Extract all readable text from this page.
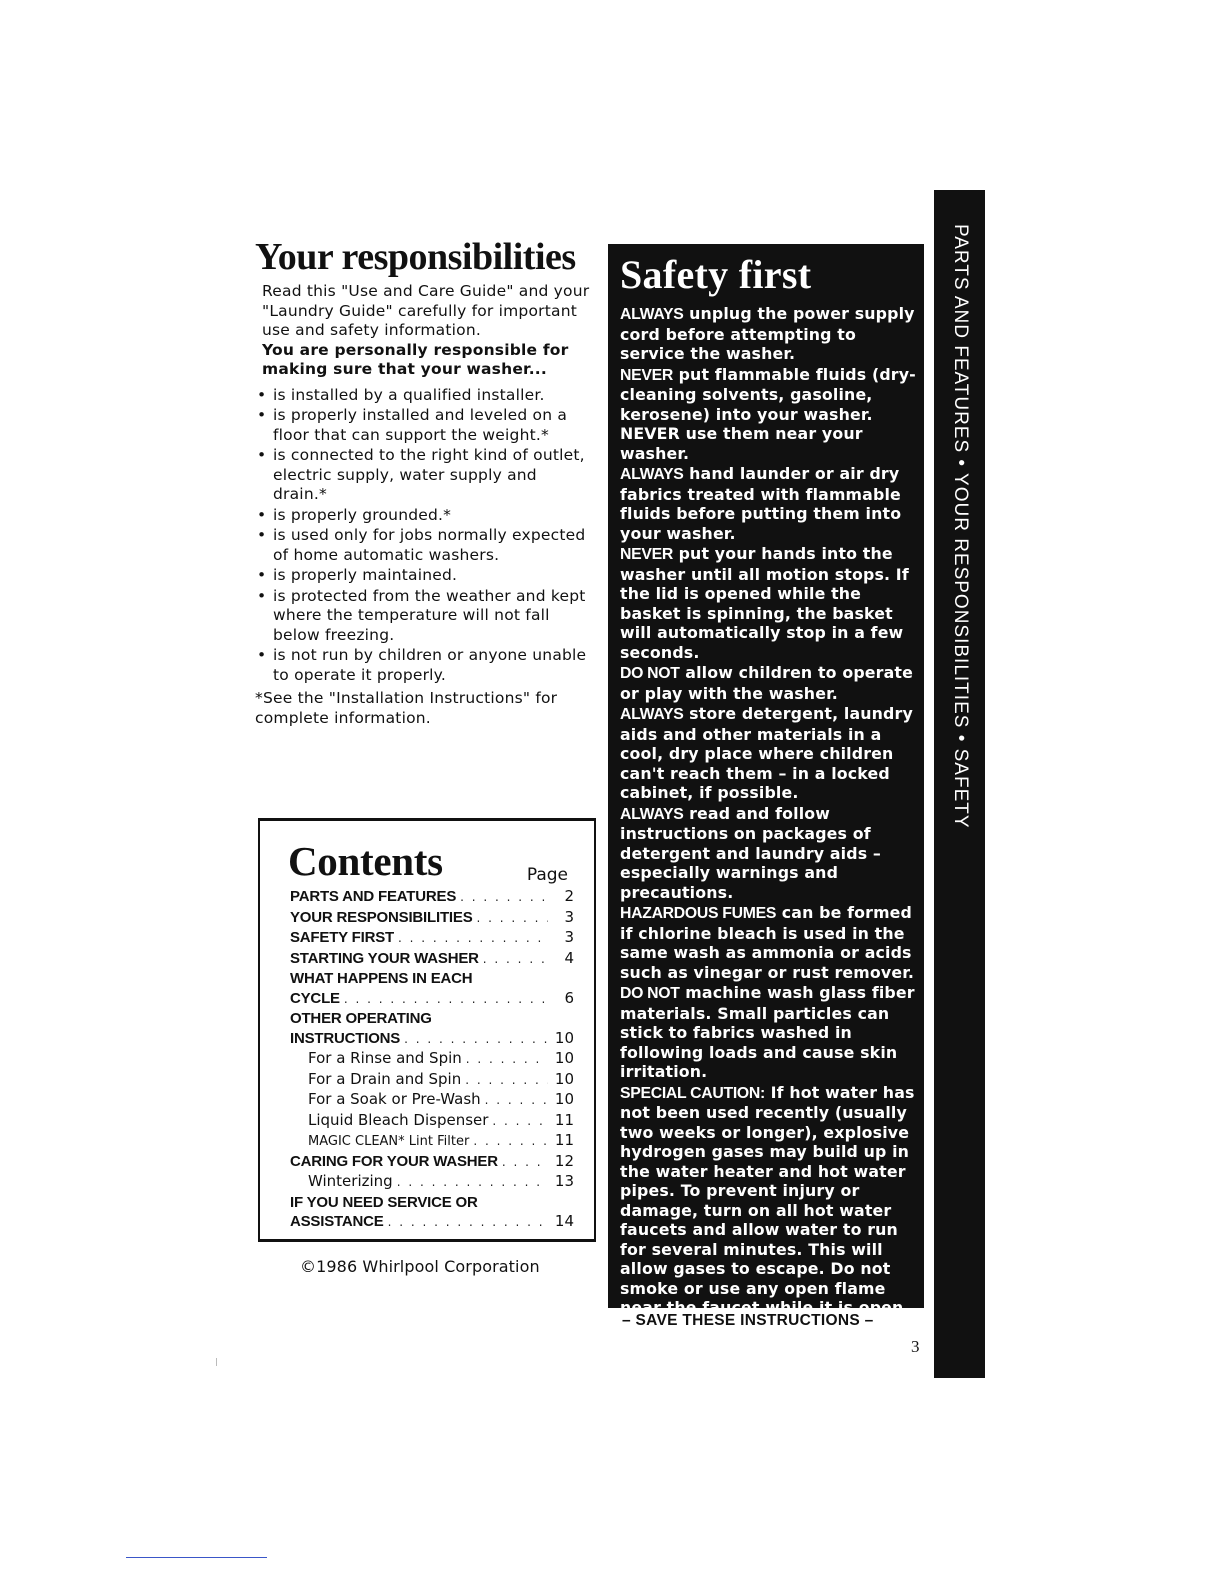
Your responsibilities

Read this "Use and Care Guide" and your "Laundry Guide" carefully for important use and safety information.

You are personally responsible for making sure that your washer...

• is installed by a qualified installer.
• is properly installed and leveled on a floor that can support the weight.*
• is connected to the right kind of outlet, electric supply, water supply and drain.*
• is properly grounded.*
• is used only for jobs normally expected of home automatic washers.
• is properly maintained.
• is protected from the weather and kept where the temperature will not fall below freezing.
• is not run by children or anyone unable to operate it properly.

*See the "Installation Instructions" for complete information.

Contents	Page
PARTS AND FEATURES . . .	2
YOUR RESPONSIBILITIES . . .	3
SAFETY FIRST . . .	3
STARTING YOUR WASHER . . .	4
WHAT HAPPENS IN EACH
CYCLE . . .	6
OTHER OPERATING
INSTRUCTIONS . . .	10
For a Rinse and Spin . . .	10
For a Drain and Spin . . .	10
For a Soak or Pre-Wash . . .	10
Liquid Bleach Dispenser . . .	11
MAGIC CLEAN* Lint Filter . . .	11
CARING FOR YOUR WASHER . . .	12
Winterizing . . .	13
IF YOU NEED SERVICE OR
ASSISTANCE . . .	14
©1986 Whirlpool Corporation
Safety first

ALWAYS unplug the power supply cord before attempting to service the washer.

NEVER put flammable fluids (dry-cleaning solvents, gasoline, kerosene) into your washer. NEVER use them near your washer.

ALWAYS hand launder or air dry fabrics treated with flammable fluids before putting them into your washer.

NEVER put your hands into the washer until all motion stops. If the lid is opened while the basket is spinning, the basket will automatically stop in a few seconds.

DO NOT allow children to operate or play with the washer.

ALWAYS store detergent, laundry aids and other materials in a cool, dry place where children can't reach them – in a locked cabinet, if possible.

ALWAYS read and follow instructions on packages of detergent and laundry aids – especially warnings and precautions.

HAZARDOUS FUMES can be formed if chlorine bleach is used in the same wash as ammonia or acids such as vinegar or rust remover.

DO NOT machine wash glass fiber materials. Small particles can stick to fabrics washed in following loads and cause skin irritation.

SPECIAL CAUTION: If hot water has not been used recently (usually two weeks or longer), explosive hydrogen gases may build up in the water heater and hot water pipes. To prevent injury or damage, turn on all hot water faucets and allow water to run for several minutes. This will allow gases to escape. Do not smoke or use any open flame near the faucet while it is open.

– SAVE THESE INSTRUCTIONS –
3
PARTS AND FEATURES • YOUR RESPONSIBILITIES • SAFETY
